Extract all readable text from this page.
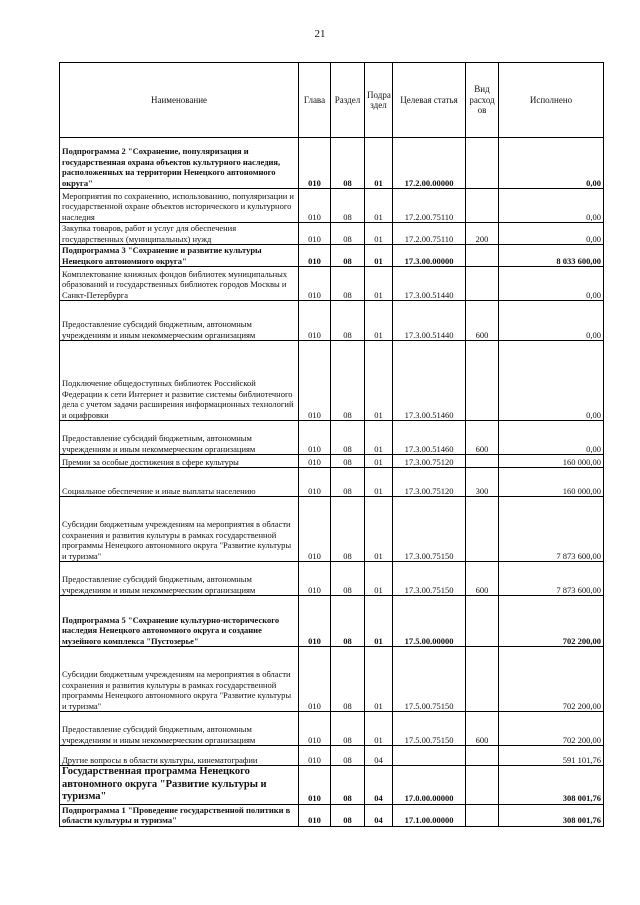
21
Наименование	Глава	Раздел	Подра здел	Целевая статья	Вид расход ов	Исполнено
Подпрограмма 2 "Сохранение, популяризация и государственная охрана объектов культурного наследия, расположенных на территории Ненецкого автономного округа"	010	08	01	17.2.00.00000		0,00
Мероприятия по сохранению, использованию, популяризации и государственной охране объектов исторического и культурного наследия	010	08	01	17.2.00.75110		0,00
Закупка товаров, работ и услуг для обеспечения государственных (муниципальных) нужд	010	08	01	17.2.00.75110	200	0,00
Подпрограмма 3 "Сохранение и развитие культуры Ненецкого автономного округа"	010	08	01	17.3.00.00000		8 033 600,00
Комплектование книжных фондов библиотек муниципальных образований и государственных библиотек городов Москвы и Санкт-Петербурга	010	08	01	17.3.00.51440		0,00
Предоставление субсидий бюджетным, автономным учреждениям и иным некоммерческим организациям	010	08	01	17.3.00.51440	600	0,00
Подключение общедоступных библиотек Российской Федерации к сети Интернет и развитие системы библиотечного дела с учетом задачи расширения информационных технологий и оцифровки	010	08	01	17.3.00.51460		0,00
Предоставление субсидий бюджетным, автономным учреждениям и иным некоммерческим организациям	010	08	01	17.3.00.51460	600	0,00
Премии за особые достижения в сфере культуры	010	08	01	17.3.00.75120		160 000,00
Социальное обеспечение и иные выплаты населению	010	08	01	17.3.00.75120	300	160 000,00
Субсидии бюджетным учреждениям на мероприятия в области сохранения и развития культуры в рамках государственной программы Ненецкого автономного округа "Развитие культуры и туризма"	010	08	01	17.3.00.75150		7 873 600,00
Предоставление субсидий бюджетным, автономным учреждениям и иным некоммерческим организациям	010	08	01	17.3.00.75150	600	7 873 600,00
Подпрограмма 5 "Сохранение культурно-исторического наследия Ненецкого автономного округа и создание музейного комплекса "Пустозерье"	010	08	01	17.5.00.00000		702 200,00
Субсидии бюджетным учреждениям на мероприятия в области сохранения и развития культуры в рамках государственной программы Ненецкого автономного округа "Развитие культуры и туризма"	010	08	01	17.5.00.75150		702 200,00
Предоставление субсидий бюджетным, автономным учреждениям и иным некоммерческим организациям	010	08	01	17.5.00.75150	600	702 200,00
Другие вопросы в области культуры, кинематографии	010	08	04			591 101,76
Государственная программа Ненецкого автономного округа "Развитие культуры и туризма"	010	08	04	17.0.00.00000		308 001,76
Подпрограмма 1 "Проведение государственной политики в области культуры и туризма"	010	08	04	17.1.00.00000		308 001,76
